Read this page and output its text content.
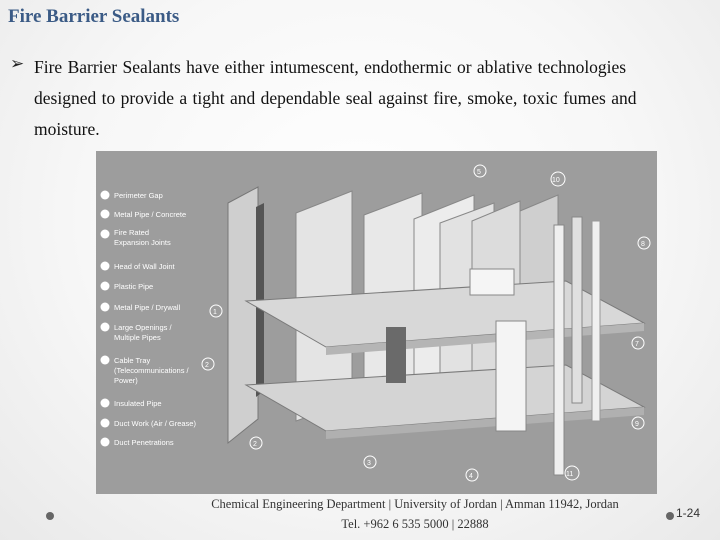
Fire Barrier Sealants
➢ Fire Barrier Sealants have either intumescent, endothermic or ablative technologies
designed to provide a tight and dependable seal against fire, smoke, toxic fumes and
moisture.
Perimeter Gap
Metal Pipe / Concrete
Fire Rated
Expansion Joints
Head of Wall Joint
Plastic Pipe
Metal Pipe / Drywall
Large Openings /
Multiple Pipes
Cable Tray
(Telecommunications /
Power)
Insulated Pipe
Duct Work (Air / Grease)
Duct Penetrations
1
2
2
3
4
5
7
8
9
10
11
Chemical Engineering Department | University of Jordan | Amman 11942, Jordan
Tel. +962 6 535 5000 | 22888
1-24
